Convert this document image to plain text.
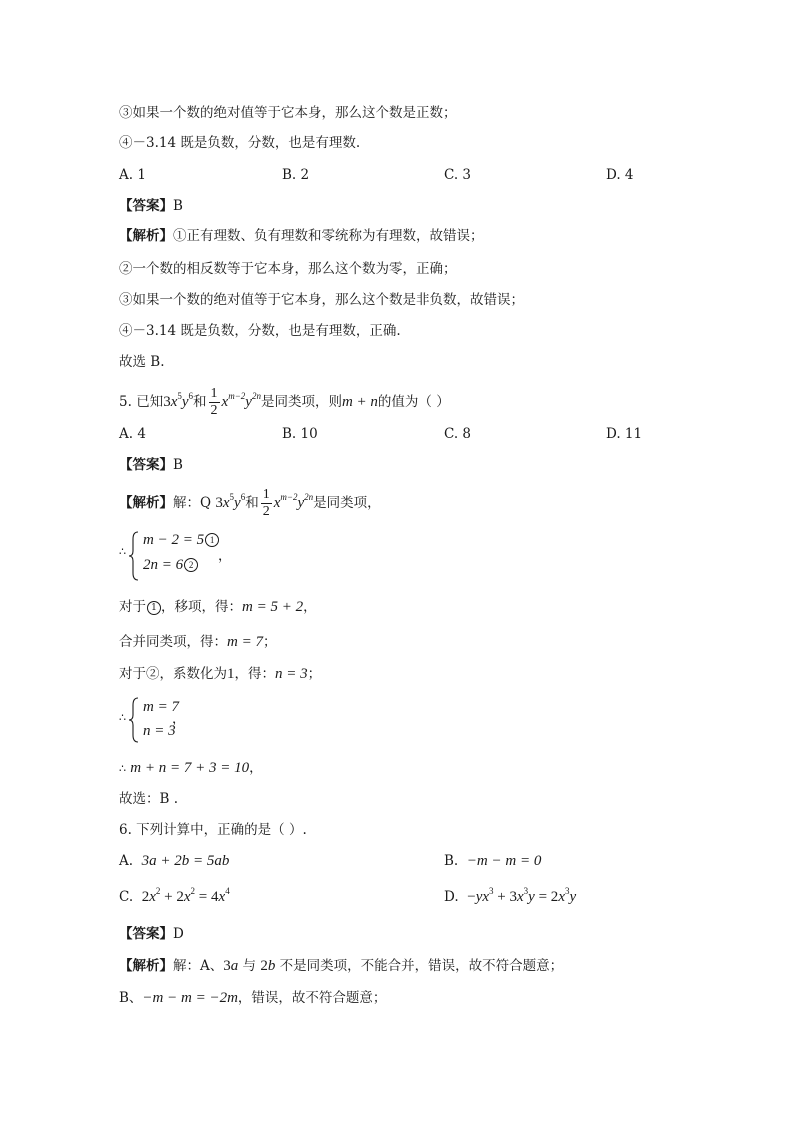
③如果一个数的绝对值等于它本身，那么这个数是正数；
④－3.14 既是负数，分数，也是有理数.
A. 1	B. 2	C. 3	D. 4
【答案】B
【解析】①正有理数、负有理数和零统称为有理数，故错误；
②一个数的相反数等于它本身，那么这个数为零，正确；
③如果一个数的绝对值等于它本身，那么这个数是非负数，故错误；
④－3.14 既是负数，分数，也是有理数，正确.
故选 B.
5. 已知$3x^5y^6$和 $\frac{1}{2} x^{m-2}y^{2n}$是同类项，则m + n的值为（ ）
A. 4	B. 10	C. 8	D. 11
【答案】B
【解析】解：Q $3x^5y^6$和 $\frac{1}{2} x^{m-2}y^{2n}$是同类项，
∴
m − 2 = 5 1
2n = 6 2
，
对于 1 ，移项，得：m = 5 + 2，
合并同类项，得：m = 7；
对于②，系数化为1，得：n = 3；
∴
m = 7
n = 3
，
∴ m + n = 7 + 3 = 10，
故选：B .
6. 下列计算中，正确的是（ ）.
A. 3a + 2b = 5ab	B. −m − m = 0
C. $2x^2 + 2x^2 = 4x^4$	D. $-yx^3 + 3x^3y = 2x^3y$
【答案】D
【解析】解：A、3a 与 2b 不是同类项，不能合并，错误，故不符合题意；
B、−m − m = −2m，错误，故不符合题意；
